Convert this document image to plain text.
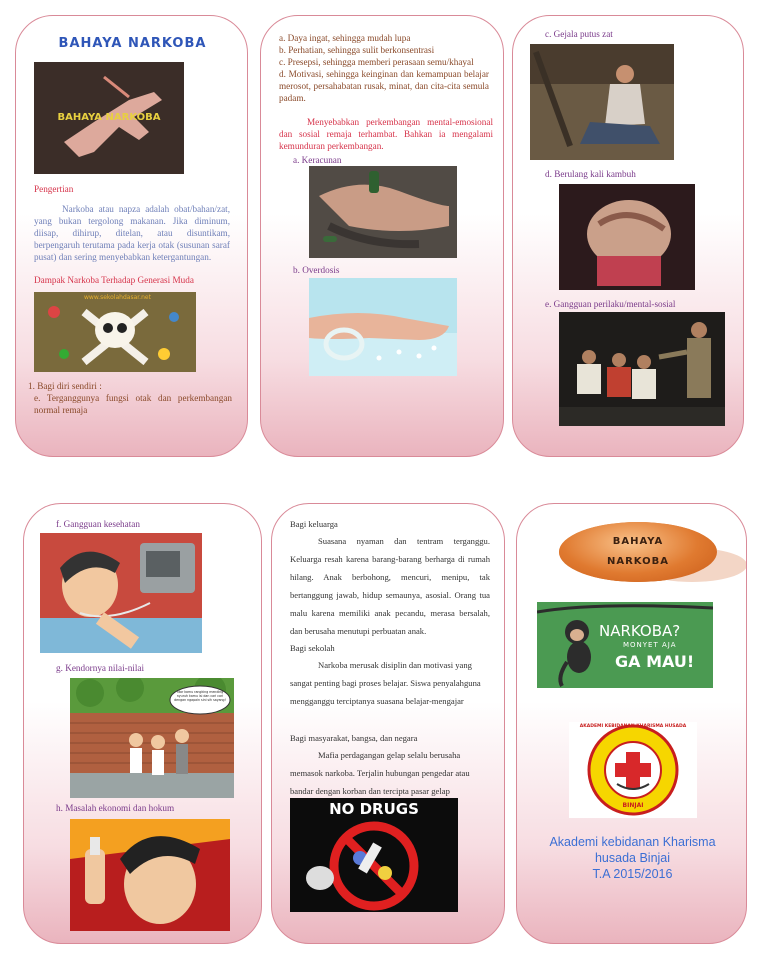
BAHAYA NARKOBA
BAHAYA NARKOBA
Pengertian
Narkoba atau napza adalah obat/bahan/zat, yang bukan tergolong makanan. Jika diminum, diisap, dihirup, ditelan, atau disuntikam, berpengaruh terutama pada kerja otak (susunan saraf pusat) dan sering menyebabkan ketergantungan.
Dampak Narkoba Terhadap Generasi Muda
www.sekolahdasar.net
1. Bagi diri sendiri :
e. Terganggunya fungsi otak dan perkembangan normal remaja
a. Daya ingat, sehingga mudah lupa
b. Perhatian, sehingga sulit berkonsentrasi
c. Presepsi, sehingga memberi perasaan semu/khayal
d. Motivasi, sehingga keinginan dan kemampuan belajar merosot, persahabatan rusak, minat, dan cita-cita semula padam.
Menyebabkan perkembangan mental-emosional dan sosial remaja terhambat. Bahkan ia mengalami kemunduran perkembangan.
a. Keracunan
b. Overdosis
c. Gejala putus zat
d. Berulang kali kambuh
e. Gangguan perilaku/mental-sosial
f. Gangguan kesehatan
g. Kendornya nilai-nilai
ntar kamu rangking mending nyuruh kamu isi dan cari cari dengan ngapain sini sih sayang!
h. Masalah ekonomi dan hokum
Bagi keluarga
Suasana nyaman dan tentram terganggu. Keluarga resah karena barang-barang berharga di rumah hilang. Anak berbohong, mencuri, menipu, tak bertanggung jawab, hidup semaunya, asosial. Orang tua malu karena memiliki anak pecandu, merasa bersalah, dan berusaha menutupi perbuatan anak.
Bagi sekolah
Narkoba merusak disiplin dan motivasi yang sangat penting bagi proses belajar. Siswa penyalahguna mengganggu terciptanya suasana belajar-mengajar
Bagi masyarakat, bangsa, dan negara
Mafia perdagangan gelap selalu berusaha memasok narkoba. Terjalin hubungan pengedar atau bandar dengan korban dan tercipta pasar gelap
NO DRUGS
BAHAYA
NARKOBA
NARKOBA?
MONYET AJA
GA MAU!
AKADEMI KEBIDANAN KHARISMA HUSADA
BINJAI
Akademi kebidanan Kharisma
husada Binjai
T.A 2015/2016
